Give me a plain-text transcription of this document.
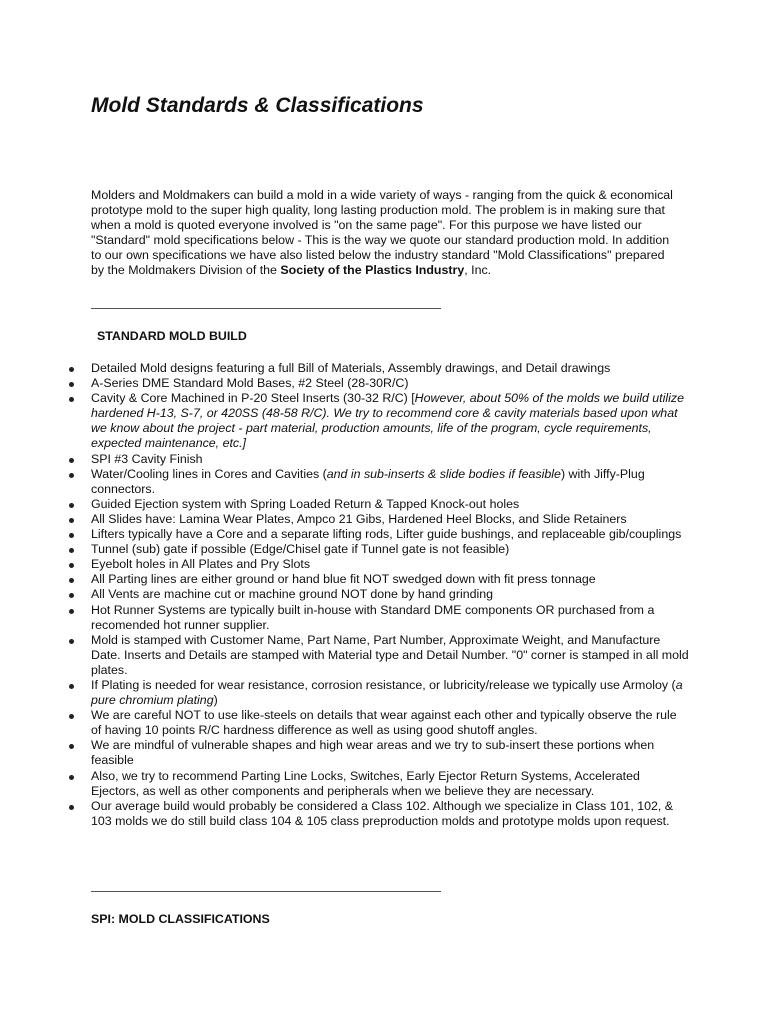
Mold Standards & Classifications

Molders and Moldmakers can build a mold in a wide variety of ways - ranging from the quick & economical prototype mold to the super high quality, long lasting production mold. The problem is in making sure that when a mold is quoted everyone involved is "on the same page". For this purpose we have listed our "Standard" mold specifications below - This is the way we quote our standard production mold. In addition to our own specifications we have also listed below the industry standard "Mold Classifications" prepared by the Moldmakers Division of the Society of the Plastics Industry, Inc.

STANDARD MOLD BUILD
Detailed Mold designs featuring a full Bill of Materials, Assembly drawings, and Detail drawings
A-Series DME Standard Mold Bases, #2 Steel (28-30R/C)
Cavity & Core Machined in P-20 Steel Inserts (30-32 R/C) [However, about 50% of the molds we build utilize hardened H-13, S-7, or 420SS (48-58 R/C). We try to recommend core & cavity materials based upon what we know about the project - part material, production amounts, life of the program, cycle requirements, expected maintenance, etc.]
SPI #3 Cavity Finish
Water/Cooling lines in Cores and Cavities (and in sub-inserts & slide bodies if feasible) with Jiffy-Plug connectors.
Guided Ejection system with Spring Loaded Return & Tapped Knock-out holes
All Slides have: Lamina Wear Plates, Ampco 21 Gibs, Hardened Heel Blocks, and Slide Retainers
Lifters typically have a Core and a separate lifting rods, Lifter guide bushings, and replaceable gib/couplings
Tunnel (sub) gate if possible (Edge/Chisel gate if Tunnel gate is not feasible)
Eyebolt holes in All Plates and Pry Slots
All Parting lines are either ground or hand blue fit NOT swedged down with fit press tonnage
All Vents are machine cut or machine ground NOT done by hand grinding
Hot Runner Systems are typically built in-house with Standard DME components OR purchased from a recomended hot runner supplier.
Mold is stamped with Customer Name, Part Name, Part Number, Approximate Weight, and Manufacture Date. Inserts and Details are stamped with Material type and Detail Number. "0" corner is stamped in all mold plates.
If Plating is needed for wear resistance, corrosion resistance, or lubricity/release we typically use Armoloy (a pure chromium plating)
We are careful NOT to use like-steels on details that wear against each other and typically observe the rule of having 10 points R/C hardness difference as well as using good shutoff angles.
We are mindful of vulnerable shapes and high wear areas and we try to sub-insert these portions when feasible
Also, we try to recommend Parting Line Locks, Switches, Early Ejector Return Systems, Accelerated Ejectors, as well as other components and peripherals when we believe they are necessary.
Our average build would probably be considered a Class 102. Although we specialize in Class 101, 102, & 103 molds we do still build class 104 & 105 class preproduction molds and prototype molds upon request.
SPI: MOLD CLASSIFICATIONS
